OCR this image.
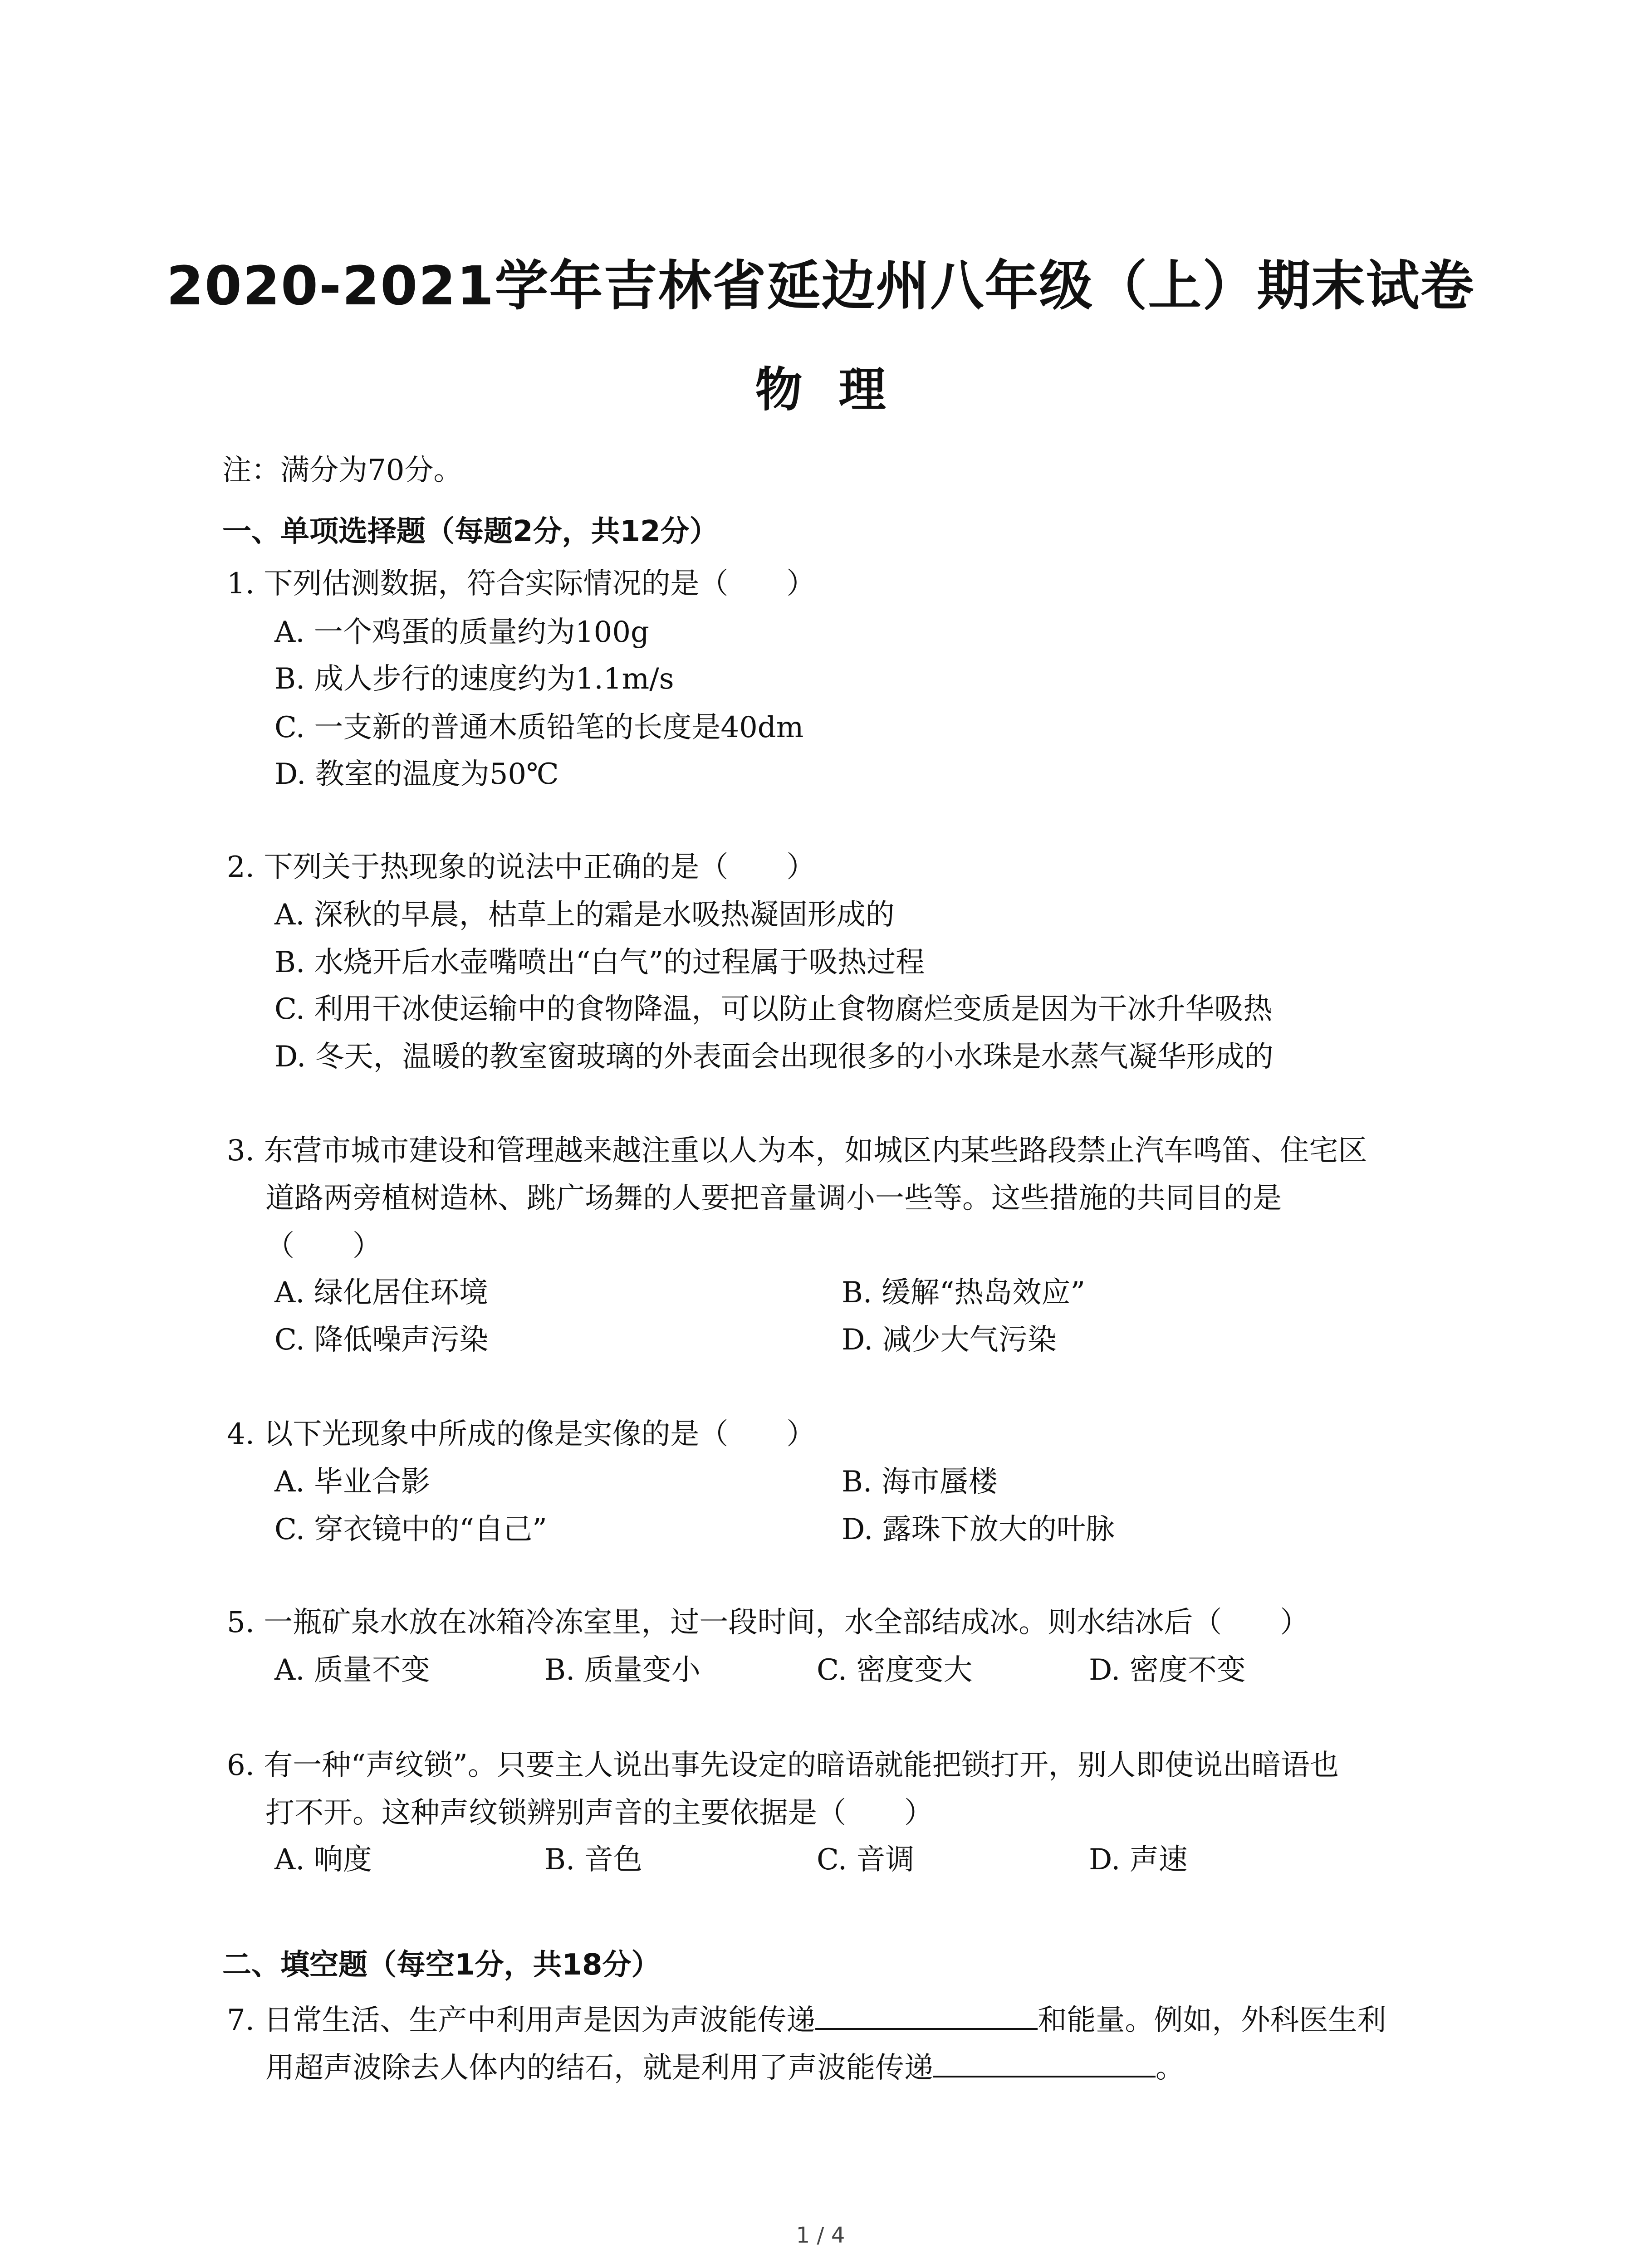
2020-2021学年吉林省延边州八年级（上）期末试卷
物理
注：满分为70分。
一、单项选择题（每题2分，共12分）
1. 下列估测数据，符合实际情况的是（　　）
A. 一个鸡蛋的质量约为100g
B. 成人步行的速度约为1.1m/s
C. 一支新的普通木质铅笔的长度是40dm
D. 教室的温度为50℃
2. 下列关于热现象的说法中正确的是（　　）
A. 深秋的早晨，枯草上的霜是水吸热凝固形成的
B. 水烧开后水壶嘴喷出“白气”的过程属于吸热过程
C. 利用干冰使运输中的食物降温，可以防止食物腐烂变质是因为干冰升华吸热
D. 冬天，温暖的教室窗玻璃的外表面会出现很多的小水珠是水蒸气凝华形成的
3. 东营市城市建设和管理越来越注重以人为本，如城区内某些路段禁止汽车鸣笛、住宅区
道路两旁植树造林、跳广场舞的人要把音量调小一些等。这些措施的共同目的是
（　　）
A. 绿化居住环境	B. 缓解“热岛效应”
C. 降低噪声污染	D. 减少大气污染
4. 以下光现象中所成的像是实像的是（　　）
A. 毕业合影	B. 海市蜃楼
C. 穿衣镜中的“自己”	D. 露珠下放大的叶脉
5. 一瓶矿泉水放在冰箱冷冻室里，过一段时间，水全部结成冰。则水结冰后（　　）
A. 质量不变	B. 质量变小	C. 密度变大	D. 密度不变
6. 有一种“声纹锁”。只要主人说出事先设定的暗语就能把锁打开，别人即使说出暗语也
打不开。这种声纹锁辨别声音的主要依据是（　　）
A. 响度	B. 音色	C. 音调	D. 声速
二、填空题（每空1分，共18分）
7. 日常生活、生产中利用声是因为声波能传递	和能量。例如，外科医生利
用超声波除去人体内的结石，就是利用了声波能传递	。
1 / 4
